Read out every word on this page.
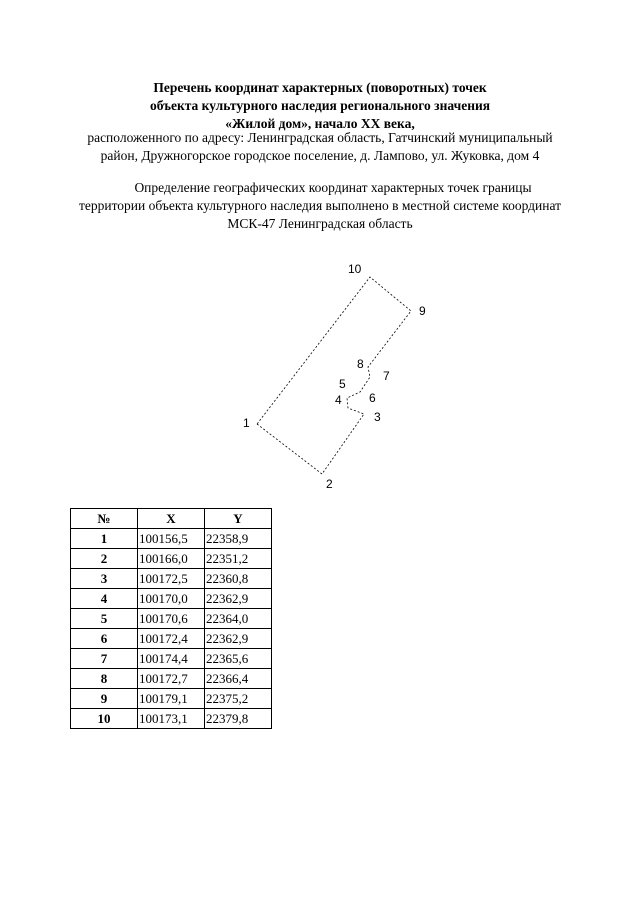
Перечень координат характерных (поворотных) точек
объекта культурного наследия регионального значения
«Жилой дом», начало XX века,
расположенного по адресу: Ленинградская область, Гатчинский муниципальный
район, Дружногорское городское поселение, д. Лампово, ул. Жуковка, дом 4
Определение географических координат характерных точек границы
территории объекта культурного наследия выполнено в местной системе координат
МСК-47 Ленинградская область
1
2
3
4
5
6
7
8
9
10
№	X	Y
1	100156,5	22358,9
2	100166,0	22351,2
3	100172,5	22360,8
4	100170,0	22362,9
5	100170,6	22364,0
6	100172,4	22362,9
7	100174,4	22365,6
8	100172,7	22366,4
9	100179,1	22375,2
10	100173,1	22379,8
